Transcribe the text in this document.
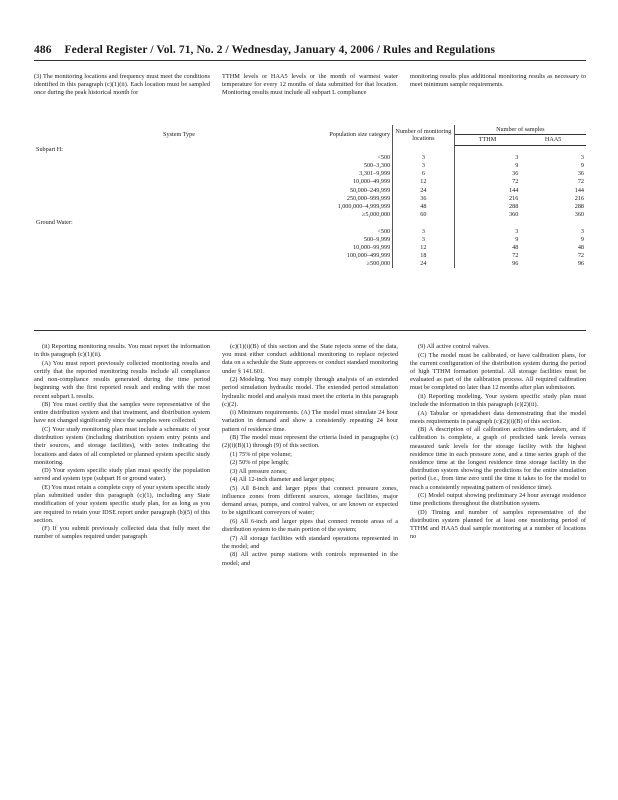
486 Federal Register / Vol. 71, No. 2 / Wednesday, January 4, 2006 / Rules and Regulations

(3) The monitoring locations and frequency must meet the conditions identified in this paragraph (c)(1)(ii). Each location must be sampled once during the peak historical month for

TTHM levels or HAA5 levels or the month of warmest water temperature for every 12 months of data submitted for that location. Monitoring results must include all subpart L compliance

monitoring results plus additional monitoring results as necessary to meet minimum sample requirements.

System Type	Population size category	Number of monitoring locations	Number of samples	
			TTHM	HAA5
Subpart H:				
	<500	3	3	3
	500–3,300	3	9	9
	3,301–9,999	6	36	36
	10,000–49,999	12	72	72
	50,000–249,999	24	144	144
	250,000–999,999	36	216	216
	1,000,000–4,999,999	48	288	288
	≥5,000,000	60	360	360
Ground Water:				
	<500	3	3	3
	500–9,999	3	9	9
	10,000–99,999	12	48	48
	100,000–499,999	18	72	72
	≥500,000	24	96	96

(ii) Reporting monitoring results. You must report the information in this paragraph (c)(1)(ii).

(A) You must report previously collected monitoring results and certify that the reported monitoring results include all compliance and non-compliance results generated during the time period beginning with the first reported result and ending with the most recent subpart L results.

(B) You must certify that the samples were representative of the entire distribution system and that treatment, and distribution system have not changed significantly since the samples were collected.

(C) Your study monitoring plan must include a schematic of your distribution system (including distribution system entry points and their sources, and storage facilities), with notes indicating the locations and dates of all completed or planned system specific study monitoring.

(D) Your system specific study plan must specify the population served and system type (subpart H or ground water).

(E) You must retain a complete copy of your system specific study plan submitted under this paragraph (c)(1), including any State modification of your system specific study plan, for as long as you are required to retain your IDSE report under paragraph (b)(5) of this section.

(F) If you submit previously collected data that fully meet the number of samples required under paragraph

(c)(1)(i)(B) of this section and the State rejects some of the data, you must either conduct additional monitoring to replace rejected data on a schedule the State approves or conduct standard monitoring under § 141.601.

(2) Modeling. You may comply through analysis of an extended period simulation hydraulic model. The extended period simulation hydraulic model and analysis must meet the criteria in this paragraph (c)(2).

(i) Minimum requirements. (A) The model must simulate 24 hour variation in demand and show a consistently repeating 24 hour pattern of residence time.

(B) The model must represent the criteria listed in paragraphs (c)(2)(i)(B)(1) through (9) of this section.

(1) 75% of pipe volume;

(2) 50% of pipe length;

(3) All pressure zones;

(4) All 12-inch diameter and larger pipes;

(5) All 8-inch and larger pipes that connect pressure zones, influence zones from different sources, storage facilities, major demand areas, pumps, and control valves, or are known or expected to be significant conveyors of water;

(6) All 6-inch and larger pipes that connect remote areas of a distribution system to the main portion of the system;

(7) All storage facilities with standard operations represented in the model; and

(8) All active pump stations with controls represented in the model; and

(9) All active control valves.

(C) The model must be calibrated, or have calibration plans, for the current configuration of the distribution system during the period of high TTHM formation potential. All storage facilities must be evaluated as part of the calibration process. All required calibration must be completed no later than 12 months after plan submission.

(ii) Reporting modeling. Your system specific study plan must include the information in this paragraph (c)(2)(ii).

(A) Tabular or spreadsheet data demonstrating that the model meets requirements in paragraph (c)(2)(i)(B) of this section.

(B) A description of all calibration activities undertaken, and if calibration is complete, a graph of predicted tank levels versus measured tank levels for the storage facility with the highest residence time in each pressure zone, and a time series graph of the residence time at the longest residence time storage facility in the distribution system showing the predictions for the entire simulation period (i.e., from time zero until the time it takes to for the model to reach a consistently repeating pattern of residence time).

(C) Model output showing preliminary 24 hour average residence time predictions throughout the distribution system.

(D) Timing and number of samples representative of the distribution system planned for at least one monitoring period of TTHM and HAA5 dual sample monitoring at a number of locations no
